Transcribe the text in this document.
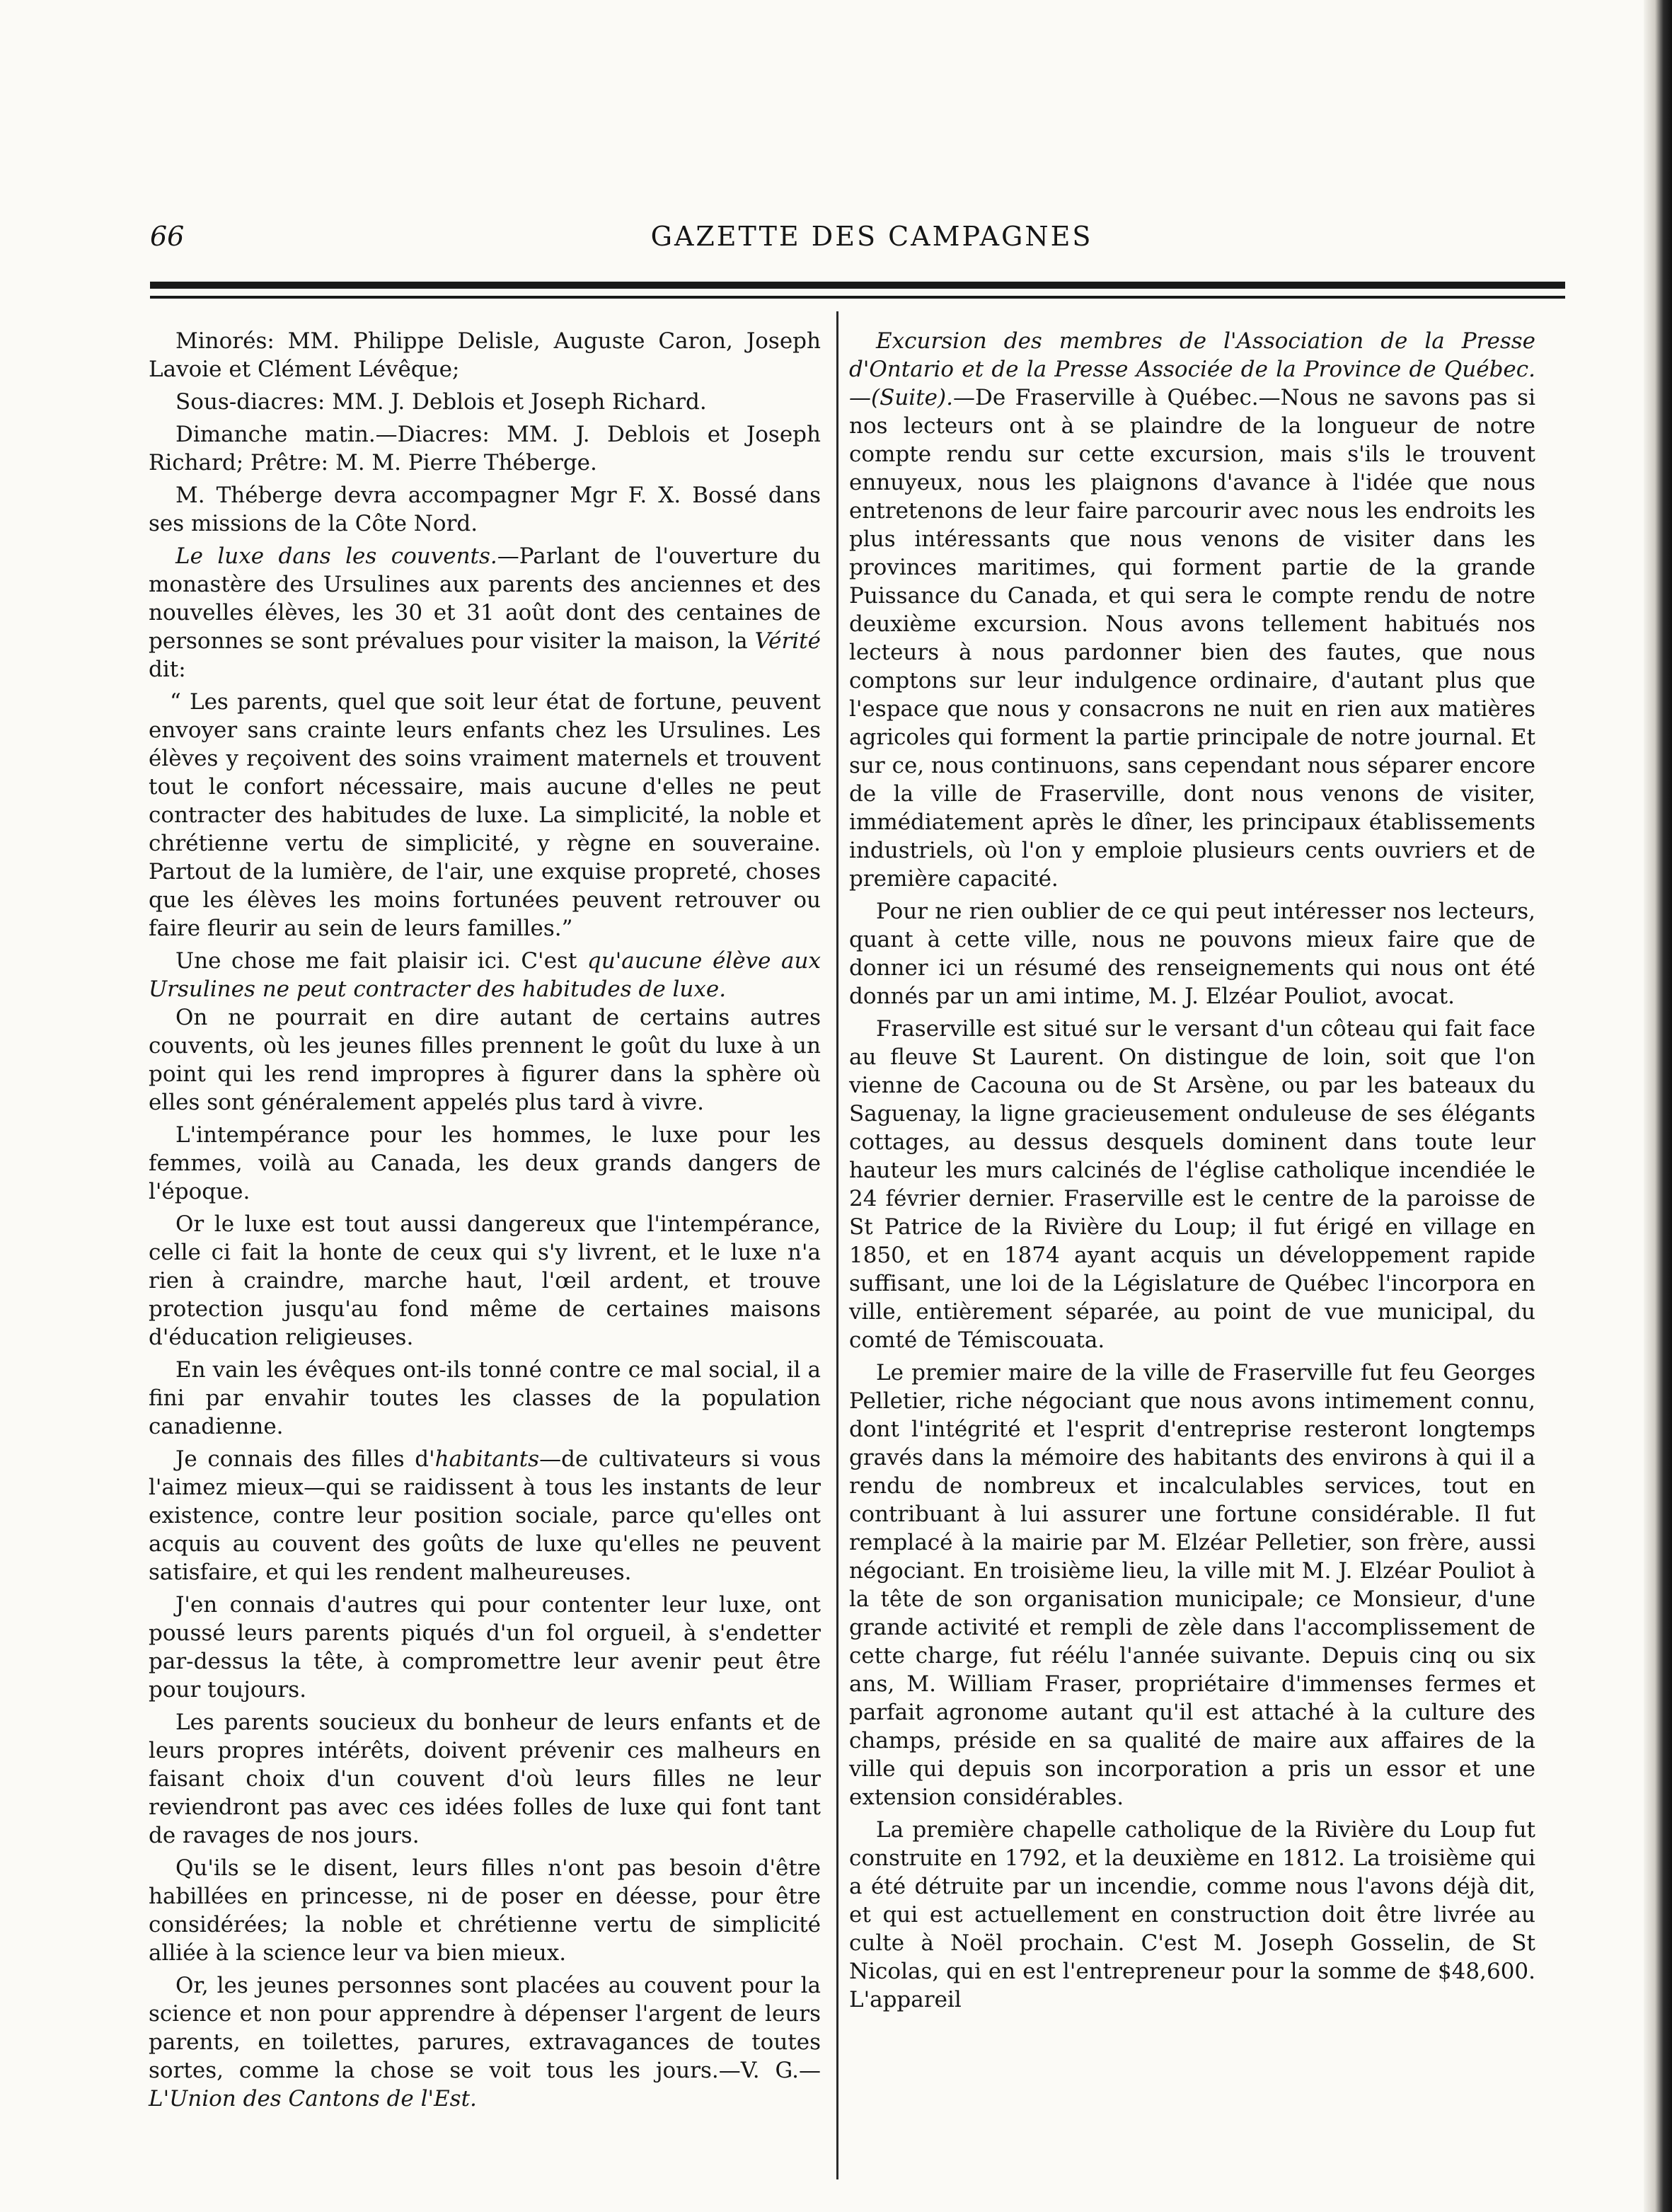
66	GAZETTE DES CAMPAGNES

Minorés: MM. Philippe Delisle, Auguste Caron, Joseph Lavoie et Clément Lévêque;

Sous-diacres: MM. J. Deblois et Joseph Richard.

Dimanche matin.—Diacres: MM. J. Deblois et Joseph Richard; Prêtre: M. M. Pierre Théberge.

M. Théberge devra accompagner Mgr F. X. Bossé dans ses missions de la Côte Nord.

Le luxe dans les couvents.—Parlant de l'ouverture du monastère des Ursulines aux parents des anciennes et des nouvelles élèves, les 30 et 31 août dont des centaines de personnes se sont prévalues pour visiter la maison, la Vérité dit:

“ Les parents, quel que soit leur état de fortune, peuvent envoyer sans crainte leurs enfants chez les Ursulines. Les élèves y reçoivent des soins vraiment maternels et trouvent tout le confort nécessaire, mais aucune d'elles ne peut contracter des habitudes de luxe. La simplicité, la noble et chrétienne vertu de simplicité, y règne en souveraine. Partout de la lumière, de l'air, une exquise propreté, choses que les élèves les moins fortunées peuvent retrouver ou faire fleurir au sein de leurs familles.”

Une chose me fait plaisir ici. C'est qu'aucune élève aux Ursulines ne peut contracter des habitudes de luxe.

On ne pourrait en dire autant de certains autres couvents, où les jeunes filles prennent le goût du luxe à un point qui les rend impropres à figurer dans la sphère où elles sont généralement appelés plus tard à vivre.

L'intempérance pour les hommes, le luxe pour les femmes, voilà au Canada, les deux grands dangers de l'époque.

Or le luxe est tout aussi dangereux que l'intempérance, celle ci fait la honte de ceux qui s'y livrent, et le luxe n'a rien à craindre, marche haut, l'œil ardent, et trouve protection jusqu'au fond même de certaines maisons d'éducation religieuses.

En vain les évêques ont-ils tonné contre ce mal social, il a fini par envahir toutes les classes de la population canadienne.

Je connais des filles d'habitants—de cultivateurs si vous l'aimez mieux—qui se raidissent à tous les instants de leur existence, contre leur position sociale, parce qu'elles ont acquis au couvent des goûts de luxe qu'elles ne peuvent satisfaire, et qui les rendent malheureuses.

J'en connais d'autres qui pour contenter leur luxe, ont poussé leurs parents piqués d'un fol orgueil, à s'endetter par-dessus la tête, à compromettre leur avenir peut être pour toujours.

Les parents soucieux du bonheur de leurs enfants et de leurs propres intérêts, doivent prévenir ces malheurs en faisant choix d'un couvent d'où leurs filles ne leur reviendront pas avec ces idées folles de luxe qui font tant de ravages de nos jours.

Qu'ils se le disent, leurs filles n'ont pas besoin d'être habillées en princesse, ni de poser en déesse, pour être considérées; la noble et chrétienne vertu de simplicité alliée à la science leur va bien mieux.

Or, les jeunes personnes sont placées au couvent pour la science et non pour apprendre à dépenser l'argent de leurs parents, en toilettes, parures, extravagances de toutes sortes, comme la chose se voit tous les jours.—V. G.—L'Union des Cantons de l'Est.

Excursion des membres de l'Association de la Presse d'Ontario et de la Presse Associée de la Province de Québec.—(Suite).—De Fraserville à Québec.—Nous ne savons pas si nos lecteurs ont à se plaindre de la longueur de notre compte rendu sur cette excursion, mais s'ils le trouvent ennuyeux, nous les plaignons d'avance à l'idée que nous entretenons de leur faire parcourir avec nous les endroits les plus intéressants que nous venons de visiter dans les provinces maritimes, qui forment partie de la grande Puissance du Canada, et qui sera le compte rendu de notre deuxième excursion. Nous avons tellement habitués nos lecteurs à nous pardonner bien des fautes, que nous comptons sur leur indulgence ordinaire, d'autant plus que l'espace que nous y consacrons ne nuit en rien aux matières agricoles qui forment la partie principale de notre journal. Et sur ce, nous continuons, sans cependant nous séparer encore de la ville de Fraserville, dont nous venons de visiter, immédiatement après le dîner, les principaux établissements industriels, où l'on y emploie plusieurs cents ouvriers et de première capacité.

Pour ne rien oublier de ce qui peut intéresser nos lecteurs, quant à cette ville, nous ne pouvons mieux faire que de donner ici un résumé des renseignements qui nous ont été donnés par un ami intime, M. J. Elzéar Pouliot, avocat.

Fraserville est situé sur le versant d'un côteau qui fait face au fleuve St Laurent. On distingue de loin, soit que l'on vienne de Cacouna ou de St Arsène, ou par les bateaux du Saguenay, la ligne gracieusement onduleuse de ses élégants cottages, au dessus desquels dominent dans toute leur hauteur les murs calcinés de l'église catholique incendiée le 24 février dernier. Fraserville est le centre de la paroisse de St Patrice de la Rivière du Loup; il fut érigé en village en 1850, et en 1874 ayant acquis un développement rapide suffisant, une loi de la Législature de Québec l'incorpora en ville, entièrement séparée, au point de vue municipal, du comté de Témiscouata.

Le premier maire de la ville de Fraserville fut feu Georges Pelletier, riche négociant que nous avons intimement connu, dont l'intégrité et l'esprit d'entreprise resteront longtemps gravés dans la mémoire des habitants des environs à qui il a rendu de nombreux et incalculables services, tout en contribuant à lui assurer une fortune considérable. Il fut remplacé à la mairie par M. Elzéar Pelletier, son frère, aussi négociant. En troisième lieu, la ville mit M. J. Elzéar Pouliot à la tête de son organisation municipale; ce Monsieur, d'une grande activité et rempli de zèle dans l'accomplissement de cette charge, fut réélu l'année suivante. Depuis cinq ou six ans, M. William Fraser, propriétaire d'immenses fermes et parfait agronome autant qu'il est attaché à la culture des champs, préside en sa qualité de maire aux affaires de la ville qui depuis son incorporation a pris un essor et une extension considérables.

La première chapelle catholique de la Rivière du Loup fut construite en 1792, et la deuxième en 1812. La troisième qui a été détruite par un incendie, comme nous l'avons déjà dit, et qui est actuellement en construction doit être livrée au culte à Noël prochain. C'est M. Joseph Gosselin, de St Nicolas, qui en est l'entrepreneur pour la somme de $48,600. L'appareil
